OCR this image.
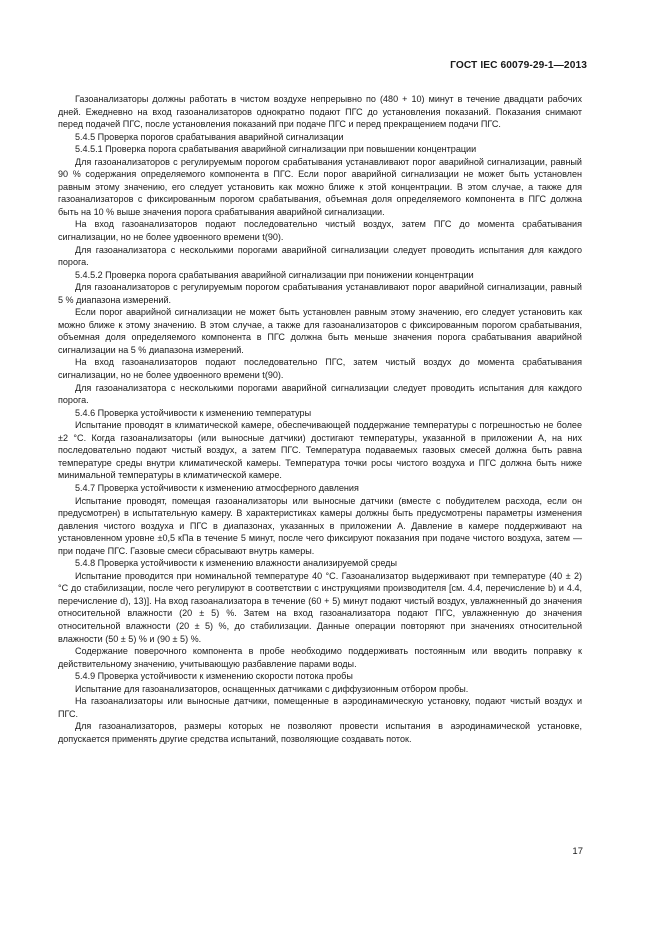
ГОСТ IEC 60079-29-1—2013

Газоанализаторы должны работать в чистом воздухе непрерывно по (480 + 10) минут в течение двадцати рабочих дней. Ежедневно на вход газоанализаторов однократно подают ПГС до установления показаний. Показания снимают перед подачей ПГС, после установления показаний при подаче ПГС и перед прекращением подачи ПГС.

5.4.5 Проверка порогов срабатывания аварийной сигнализации

5.4.5.1 Проверка порога срабатывания аварийной сигнализации при повышении концентрации

Для газоанализаторов с регулируемым порогом срабатывания устанавливают порог аварийной сигнализации, равный 90 % содержания определяемого компонента в ПГС. Если порог аварийной сигнализации не может быть установлен равным этому значению, его следует установить как можно ближе к этой концентрации. В этом случае, а также для газоанализаторов с фиксированным порогом срабатывания, объемная доля определяемого компонента в ПГС должна быть на 10 % выше значения порога срабатывания аварийной сигнализации.

На вход газоанализаторов подают последовательно чистый воздух, затем ПГС до момента срабатывания сигнализации, но не более удвоенного времени t(90).

Для газоанализатора с несколькими порогами аварийной сигнализации следует проводить испытания для каждого порога.

5.4.5.2 Проверка порога срабатывания аварийной сигнализации при понижении концентрации

Для газоанализаторов с регулируемым порогом срабатывания устанавливают порог аварийной сигнализации, равный 5 % диапазона измерений.

Если порог аварийной сигнализации не может быть установлен равным этому значению, его следует установить как можно ближе к этому значению. В этом случае, а также для газоанализаторов с фиксированным порогом срабатывания, объемная доля определяемого компонента в ПГС должна быть меньше значения порога срабатывания аварийной сигнализации на 5 % диапазона измерений.

На вход газоанализаторов подают последовательно ПГС, затем чистый воздух до момента срабатывания сигнализации, но не более удвоенного времени t(90).

Для газоанализатора с несколькими порогами аварийной сигнализации следует проводить испытания для каждого порога.

5.4.6 Проверка устойчивости к изменению температуры

Испытание проводят в климатической камере, обеспечивающей поддержание температуры с погрешностью не более ±2 °С. Когда газоанализаторы (или выносные датчики) достигают температуры, указанной в приложении А, на них последовательно подают чистый воздух, а затем ПГС. Температура подаваемых газовых смесей должна быть равна температуре среды внутри климатической камеры. Температура точки росы чистого воздуха и ПГС должна быть ниже минимальной температуры в климатической камере.

5.4.7 Проверка устойчивости к изменению атмосферного давления

Испытание проводят, помещая газоанализаторы или выносные датчики (вместе с побудителем расхода, если он предусмотрен) в испытательную камеру. В характеристиках камеры должны быть предусмотрены параметры изменения давления чистого воздуха и ПГС в диапазонах, указанных в приложении А. Давление в камере поддерживают на установленном уровне ±0,5 кПа в течение 5 минут, после чего фиксируют показания при подаче чистого воздуха, затем — при подаче ПГС. Газовые смеси сбрасывают внутрь камеры.

5.4.8 Проверка устойчивости к изменению влажности анализируемой среды

Испытание проводится при номинальной температуре 40 °С. Газоанализатор выдерживают при температуре (40 ± 2) °С до стабилизации, после чего регулируют в соответствии с инструкциями производителя [см. 4.4, перечисление b) и 4.4, перечисление d), 13)]. На вход газоанализатора в течение (60 + 5) минут подают чистый воздух, увлажненный до значения относительной влажности (20 ± 5) %. Затем на вход газоанализатора подают ПГС, увлажненную до значения относительной влажности (20 ± 5) %, до стабилизации. Данные операции повторяют при значениях относительной влажности (50 ± 5) % и (90 ± 5) %.

Содержание поверочного компонента в пробе необходимо поддерживать постоянным или вводить поправку к действительному значению, учитывающую разбавление парами воды.

5.4.9 Проверка устойчивости к изменению скорости потока пробы

Испытание для газоанализаторов, оснащенных датчиками с диффузионным отбором пробы.

На газоанализаторы или выносные датчики, помещенные в аэродинамическую установку, подают чистый воздух и ПГС.

Для газоанализаторов, размеры которых не позволяют провести испытания в аэродинамической установке, допускается применять другие средства испытаний, позволяющие создавать поток.

17
